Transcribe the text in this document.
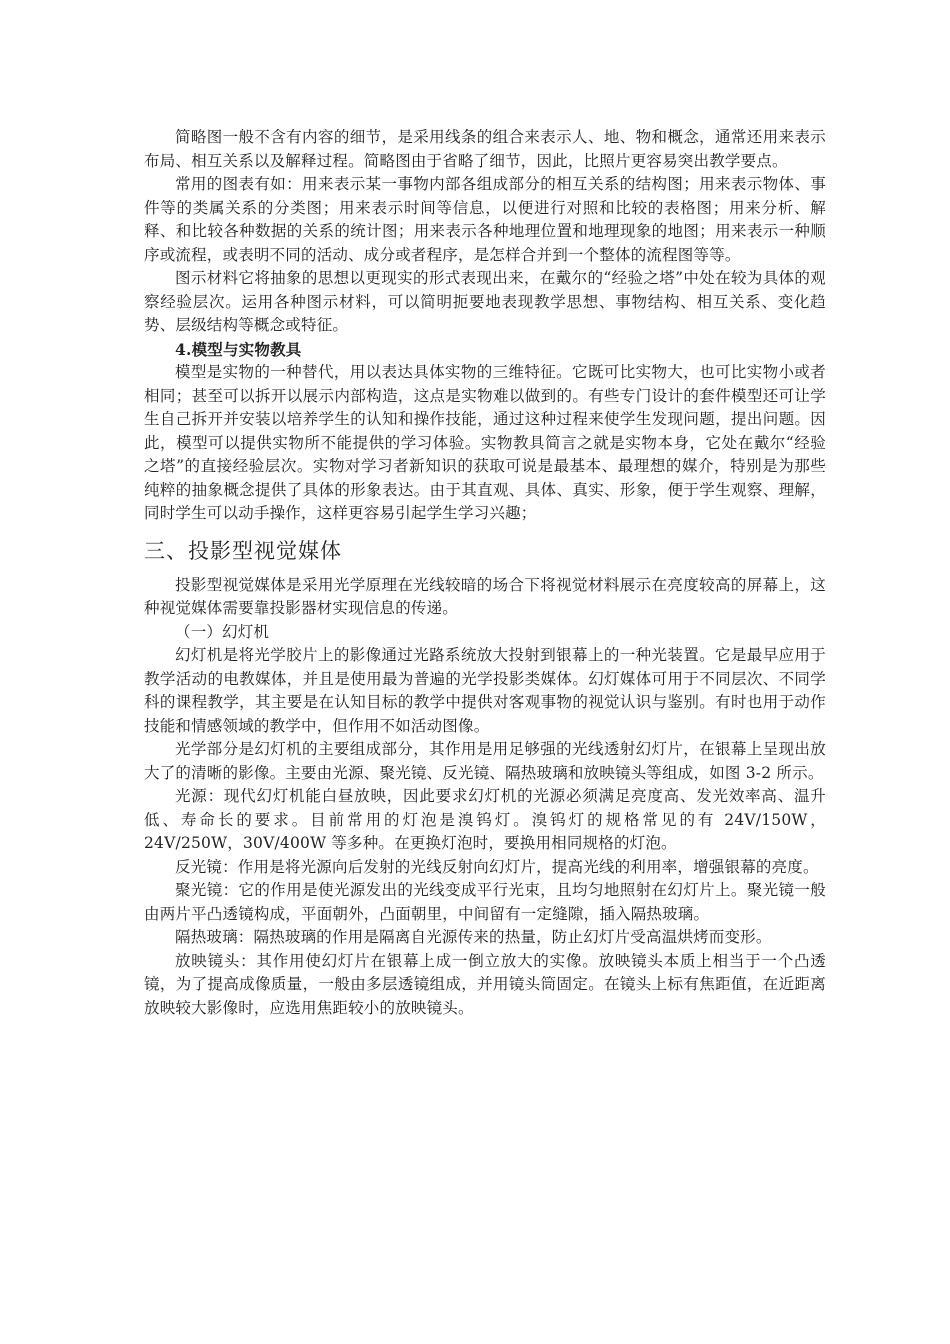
简略图一般不含有内容的细节，是采用线条的组合来表示人、地、物和概念，通常还用来表示布局、相互关系以及解释过程。简略图由于省略了细节，因此，比照片更容易突出教学要点。

常用的图表有如：用来表示某一事物内部各组成部分的相互关系的结构图；用来表示物体、事件等的类属关系的分类图；用来表示时间等信息，以便进行对照和比较的表格图；用来分析、解释、和比较各种数据的关系的统计图；用来表示各种地理位置和地理现象的地图；用来表示一种顺序或流程，或表明不同的活动、成分或者程序，是怎样合并到一个整体的流程图等等。

图示材料它将抽象的思想以更现实的形式表现出来，在戴尔的“经验之塔”中处在较为具体的观察经验层次。运用各种图示材料，可以简明扼要地表现教学思想、事物结构、相互关系、变化趋势、层级结构等概念或特征。

4.模型与实物教具

模型是实物的一种替代，用以表达具体实物的三维特征。它既可比实物大，也可比实物小或者相同；甚至可以拆开以展示内部构造，这点是实物难以做到的。有些专门设计的套件模型还可让学生自己拆开并安装以培养学生的认知和操作技能，通过这种过程来使学生发现问题，提出问题。因此，模型可以提供实物所不能提供的学习体验。实物教具简言之就是实物本身，它处在戴尔“经验之塔”的直接经验层次。实物对学习者新知识的获取可说是最基本、最理想的媒介，特别是为那些纯粹的抽象概念提供了具体的形象表达。由于其直观、具体、真实、形象，便于学生观察、理解，同时学生可以动手操作，这样更容易引起学生学习兴趣；

三、投影型视觉媒体

投影型视觉媒体是采用光学原理在光线较暗的场合下将视觉材料展示在亮度较高的屏幕上，这种视觉媒体需要靠投影器材实现信息的传递。

（一）幻灯机

幻灯机是将光学胶片上的影像通过光路系统放大投射到银幕上的一种光装置。它是最早应用于教学活动的电教媒体，并且是使用最为普遍的光学投影类媒体。幻灯媒体可用于不同层次、不同学科的课程教学，其主要是在认知目标的教学中提供对客观事物的视觉认识与鉴别。有时也用于动作技能和情感领域的教学中，但作用不如活动图像。

光学部分是幻灯机的主要组成部分，其作用是用足够强的光线透射幻灯片，在银幕上呈现出放大了的清晰的影像。主要由光源、聚光镜、反光镜、隔热玻璃和放映镜头等组成，如图 3-2 所示。

光源：现代幻灯机能白昼放映，因此要求幻灯机的光源必须满足亮度高、发光效率高、温升低、寿命长的要求。目前常用的灯泡是溴钨灯。溴钨灯的规格常见的有 24V/150W，24V/250W，30V/400W 等多种。在更换灯泡时，要换用相同规格的灯泡。

反光镜：作用是将光源向后发射的光线反射向幻灯片，提高光线的利用率，增强银幕的亮度。

聚光镜：它的作用是使光源发出的光线变成平行光束，且均匀地照射在幻灯片上。聚光镜一般由两片平凸透镜构成，平面朝外，凸面朝里，中间留有一定缝隙，插入隔热玻璃。

隔热玻璃：隔热玻璃的作用是隔离自光源传来的热量，防止幻灯片受高温烘烤而变形。

放映镜头：其作用使幻灯片在银幕上成一倒立放大的实像。放映镜头本质上相当于一个凸透镜，为了提高成像质量，一般由多层透镜组成，并用镜头筒固定。在镜头上标有焦距值，在近距离放映较大影像时，应选用焦距较小的放映镜头。
